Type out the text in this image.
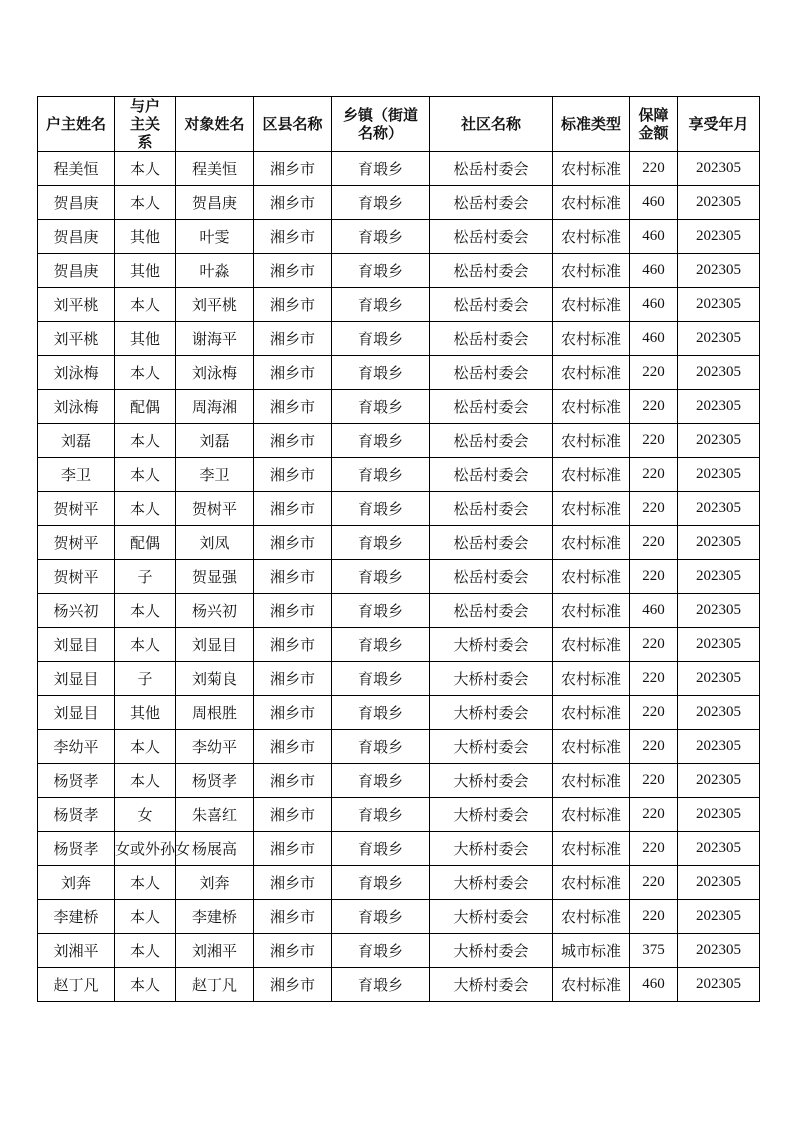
户主姓名	与户主关系	对象姓名	区县名称	乡镇（街道名称）	社区名称	标准类型	保障金额	享受年月
程美恒	本人	程美恒	湘乡市	育塅乡	松岳村委会	农村标准	220	202305
贺昌庚	本人	贺昌庚	湘乡市	育塅乡	松岳村委会	农村标准	460	202305
贺昌庚	其他	叶雯	湘乡市	育塅乡	松岳村委会	农村标准	460	202305
贺昌庚	其他	叶淼	湘乡市	育塅乡	松岳村委会	农村标准	460	202305
刘平桃	本人	刘平桃	湘乡市	育塅乡	松岳村委会	农村标准	460	202305
刘平桃	其他	谢海平	湘乡市	育塅乡	松岳村委会	农村标准	460	202305
刘泳梅	本人	刘泳梅	湘乡市	育塅乡	松岳村委会	农村标准	220	202305
刘泳梅	配偶	周海湘	湘乡市	育塅乡	松岳村委会	农村标准	220	202305
刘磊	本人	刘磊	湘乡市	育塅乡	松岳村委会	农村标准	220	202305
李卫	本人	李卫	湘乡市	育塅乡	松岳村委会	农村标准	220	202305
贺树平	本人	贺树平	湘乡市	育塅乡	松岳村委会	农村标准	220	202305
贺树平	配偶	刘凤	湘乡市	育塅乡	松岳村委会	农村标准	220	202305
贺树平	子	贺显强	湘乡市	育塅乡	松岳村委会	农村标准	220	202305
杨兴初	本人	杨兴初	湘乡市	育塅乡	松岳村委会	农村标准	460	202305
刘显目	本人	刘显目	湘乡市	育塅乡	大桥村委会	农村标准	220	202305
刘显目	子	刘菊良	湘乡市	育塅乡	大桥村委会	农村标准	220	202305
刘显目	其他	周根胜	湘乡市	育塅乡	大桥村委会	农村标准	220	202305
李幼平	本人	李幼平	湘乡市	育塅乡	大桥村委会	农村标准	220	202305
杨贤孝	本人	杨贤孝	湘乡市	育塅乡	大桥村委会	农村标准	220	202305
杨贤孝	女	朱喜红	湘乡市	育塅乡	大桥村委会	农村标准	220	202305
杨贤孝	女或外孙女	杨展高	湘乡市	育塅乡	大桥村委会	农村标准	220	202305
刘奔	本人	刘奔	湘乡市	育塅乡	大桥村委会	农村标准	220	202305
李建桥	本人	李建桥	湘乡市	育塅乡	大桥村委会	农村标准	220	202305
刘湘平	本人	刘湘平	湘乡市	育塅乡	大桥村委会	城市标准	375	202305
赵丁凡	本人	赵丁凡	湘乡市	育塅乡	大桥村委会	农村标准	460	202305
